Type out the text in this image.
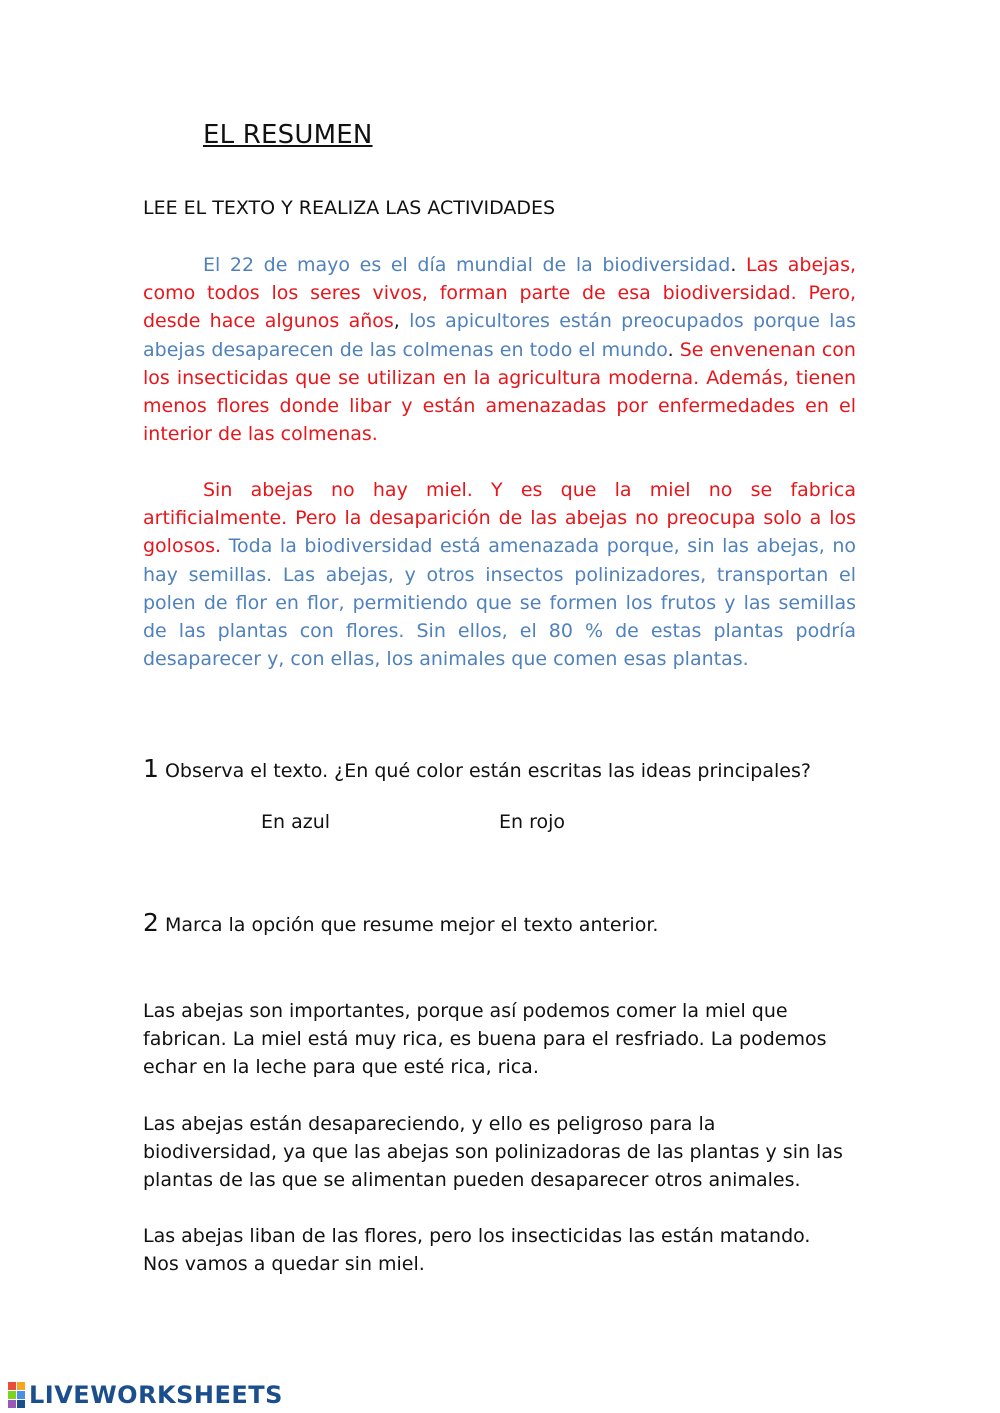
EL RESUMEN
LEE EL TEXTO Y REALIZA LAS ACTIVIDADES

El 22 de mayo es el día mundial de la biodiversidad. Las abejas, como todos los seres vivos, forman parte de esa biodiversidad. Pero, desde hace algunos años, los apicultores están preocupados porque las abejas desaparecen de las colmenas en todo el mundo. Se envenenan con los insecticidas que se utilizan en la agricultura moderna. Además, tienen menos flores donde libar y están amenazadas por enfermedades en el interior de las colmenas.

Sin abejas no hay miel. Y es que la miel no se fabrica artificialmente. Pero la desaparición de las abejas no preocupa solo a los golosos. Toda la biodiversidad está amenazada porque, sin las abejas, no hay semillas. Las abejas, y otros insectos polinizadores, transportan el polen de flor en flor, permitiendo que se formen los frutos y las semillas de las plantas con flores. Sin ellos, el 80 % de estas plantas podría desaparecer y, con ellas, los animales que comen esas plantas.

1 Observa el texto. ¿En qué color están escritas las ideas principales?
En azul	En rojo
2 Marca la opción que resume mejor el texto anterior.

Las abejas son importantes, porque así podemos comer la miel que fabrican. La miel está muy rica, es buena para el resfriado. La podemos echar en la leche para que esté rica, rica.

Las abejas están desapareciendo, y ello es peligroso para la biodiversidad, ya que las abejas son polinizadoras de las plantas y sin las plantas de las que se alimentan pueden desaparecer otros animales.

Las abejas liban de las flores, pero los insecticidas las están matando. Nos vamos a quedar sin miel.

LIVEWORKSHEETS
